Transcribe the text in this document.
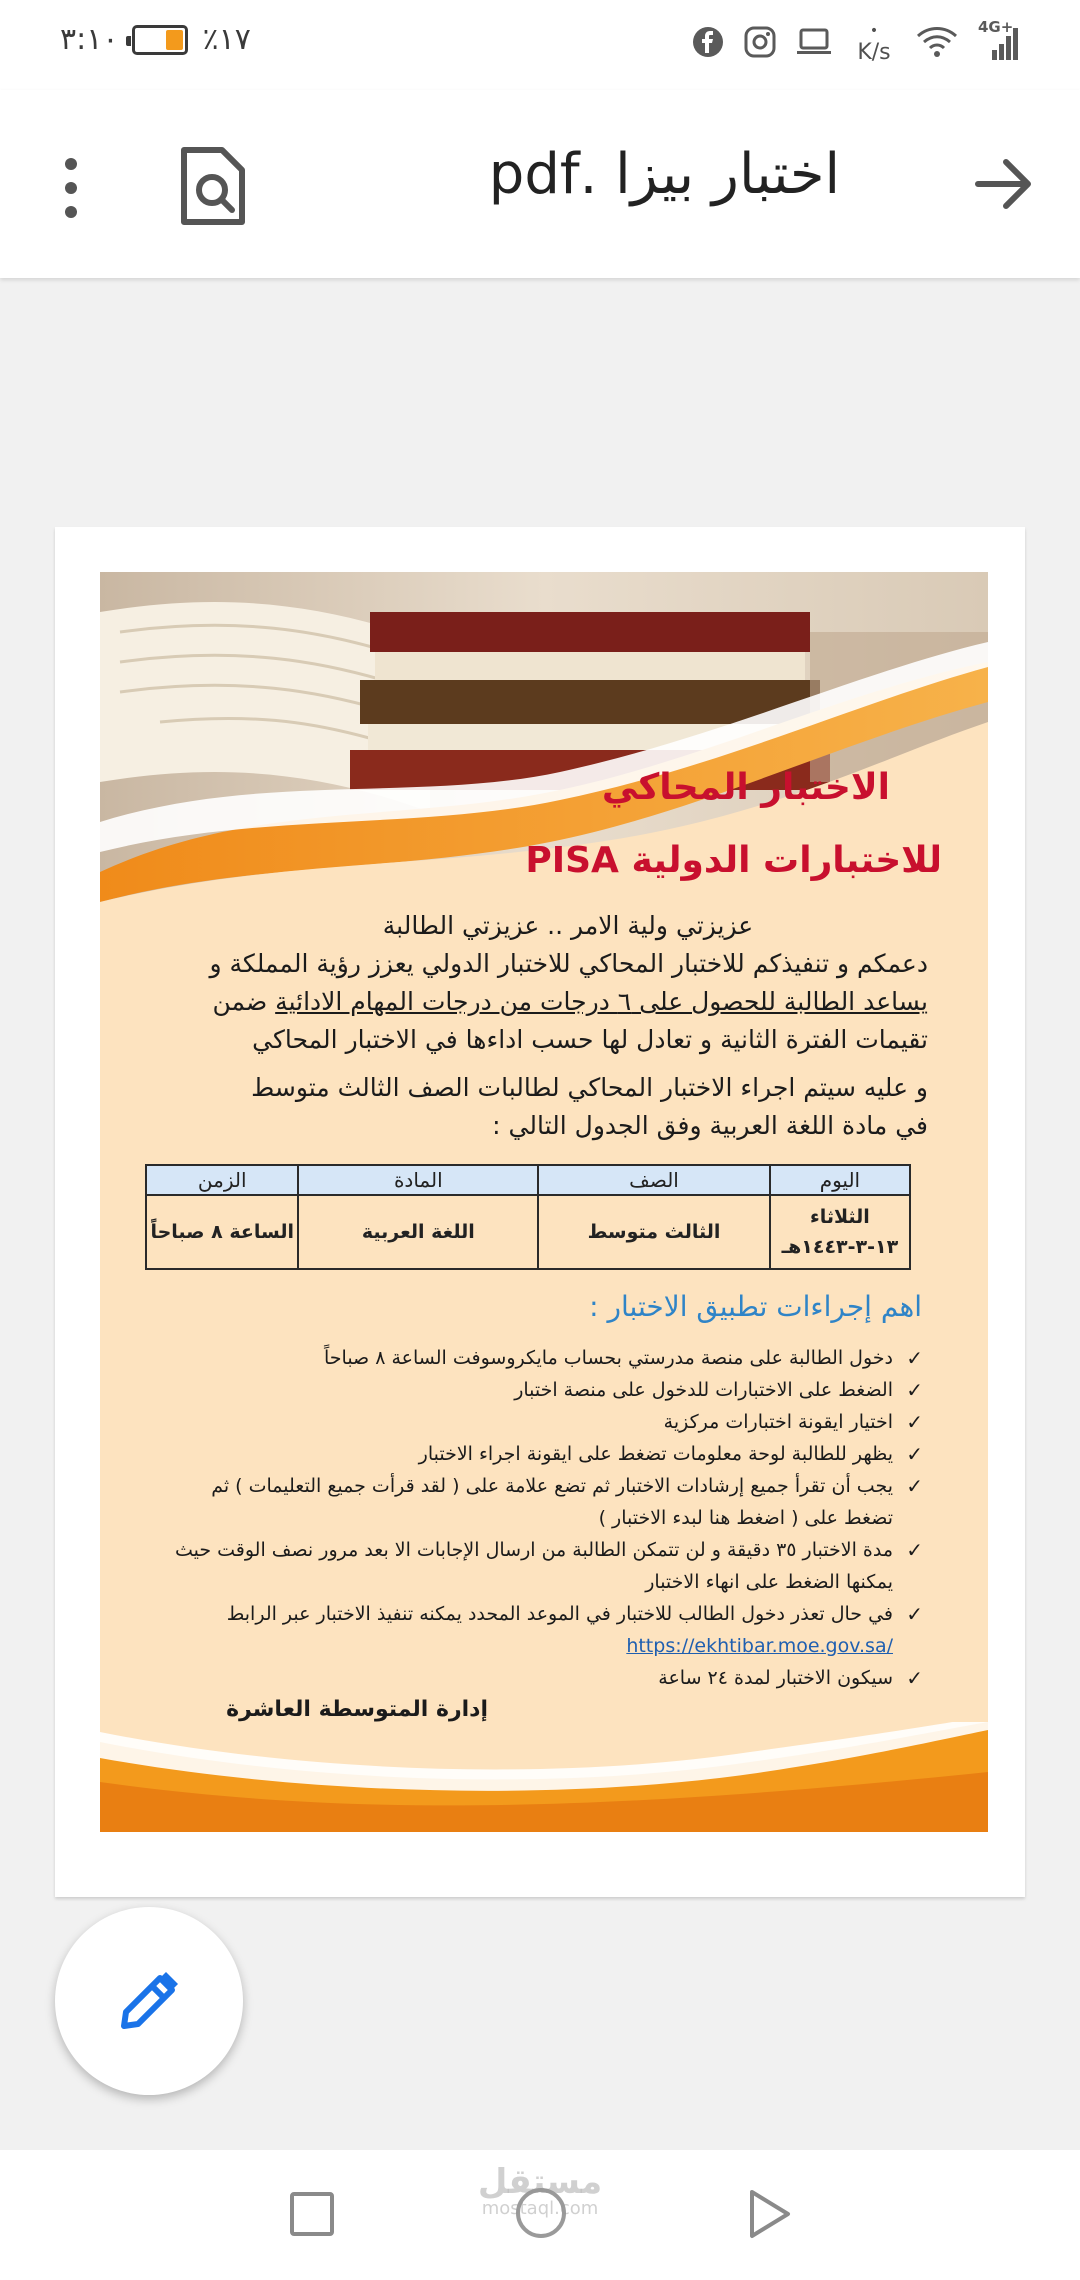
٣:١٠	٪١٧	•
K/s
4G+
اختبار بيزا .pdf
الاختبار المحاكي
للاختبارات الدولية PISA

عزيزتي ولية الامر .. عزيزتي الطالبة

دعمكم و تنفيذكم للاختبار المحاكي للاختبار الدولي يعزز رؤية المملكة و

يساعد الطالبة للحصول على ٦ درجات من درجات المهام الادائية ضمن

تقيمات الفترة الثانية و تعادل لها حسب اداءها في الاختبار المحاكي

و عليه سيتم اجراء الاختبار المحاكي لطالبات الصف الثالث متوسط

في مادة اللغة العربية وفق الجدول التالي :

اليوم	الصف	المادة	الزمن

الثلاثاء
١٣-٣-١٤٤٣هـ	الثالث متوسط	اللغة العربية	الساعة ٨ صباحاً
اهم إجراءات تطبيق الاختبار :
✓ دخول الطالبة على منصة مدرستي بحساب مايكروسوفت الساعة ٨ صباحاً
✓ الضغط على الاختبارات للدخول على منصة اختبار
✓ اختيار ايقونة اختبارات مركزية
✓ يظهر للطالبة لوحة معلومات تضغط على ايقونة اجراء الاختبار
✓ يجب أن تقرأ جميع إرشادات الاختبار ثم تضع علامة على ( لقد قرأت جميع التعليمات ) ثم تضغط على ( اضغط هنا لبدء الاختبار )
✓ مدة الاختبار ٣٥ دقيقة و لن تتمكن الطالبة من ارسال الإجابات الا بعد مرور نصف الوقت حيث يمكنها الضغط على انهاء الاختبار
✓ في حال تعذر دخول الطالب للاختبار في الموعد المحدد يمكنه تنفيذ الاختبار عبر الرابط
https://ekhtibar.moe.gov.sa/
✓ سيكون الاختبار لمدة ٢٤ ساعة
إدارة المتوسطة العاشرة
مستقل
mostaql.com
